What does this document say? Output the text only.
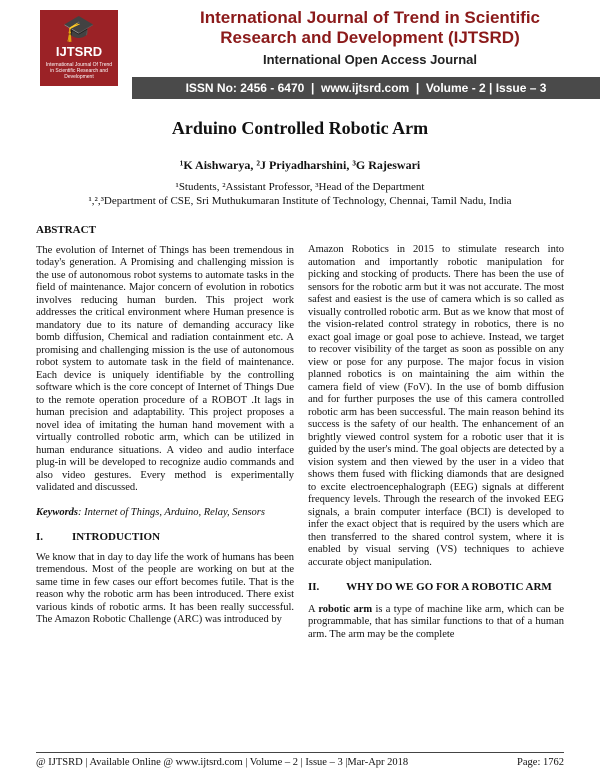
🎓
IJTSRD
International Journal Of Trend in Scientific Research and Development
International Journal of Trend in Scientific Research and Development (IJTSRD)
International Open Access Journal
ISSN No: 2456 - 6470  |  www.ijtsrd.com  |  Volume - 2 | Issue – 3
Arduino Controlled Robotic Arm
¹K Aishwarya, ²J Priyadharshini, ³G Rajeswari
¹Students, ²Assistant Professor, ³Head of the Department
¹,²,³Department of CSE, Sri Muthukumaran Institute of Technology, Chennai, Tamil Nadu, India

ABSTRACT

The evolution of Internet of Things has been tremendous in today's generation. A Promising and challenging mission is the use of autonomous robot systems to automate tasks in the field of maintenance. Major concern of evolution in robotics involves reducing human burden. This project work addresses the critical environment where Human presence is mandatory due to its nature of demanding accuracy like bomb diffusion, Chemical and radiation containment etc. A promising and challenging mission is the use of autonomous robot system to automate task in the field of maintenance. Each device is uniquely identifiable by the controlling software which is the core concept of Internet of Things Due to the remote operation procedure of a ROBOT .It lags in human precision and adaptability. This project proposes a novel idea of imitating the human hand movement with a virtually controlled robotic arm, which can be utilized in human endurance situations. A video and audio interface plug-in will be developed to recognize audio commands and also video gestures. Every method is experimentally validated and discussed.

Keywords: Internet of Things, Arduino, Relay, Sensors

I.	INTRODUCTION

We know that in day to day life the work of humans has been tremendous. Most of the people are working on but at the same time in few cases our effort becomes futile. That is the reason why the robotic arm has been introduced. There exist various kinds of robotic arms. It has been really successful. The Amazon Robotic Challenge (ARC) was introduced by

Amazon Robotics in 2015 to stimulate research into automation and importantly robotic manipulation for picking and stocking of products. There has been the use of sensors for the robotic arm but it was not accurate. The most safest and easiest is the use of camera which is so called as visually controlled robotic arm. But as we know that most of the vision-related control strategy in robotics, there is no exact goal image or goal pose to achieve. Instead, we target to recover visibility of the target as soon as possible on any view or pose for any purpose. The major focus in vision planned robotics is on maintaining the aim within the camera field of view (FoV). In the use of bomb diffusion and for further purposes the use of this camera controlled robotic arm has been successful. The main reason behind its success is the safety of our health. The enhancement of an brightly viewed control system for a robotic user that it is guided by the user's mind. The goal objects are detected by a vision system and then viewed by the user in a video that shows them fused with flicking diamonds that are designed to excite electroencephalograph (EEG) signals at different frequency levels. Through the research of the invoked EEG signals, a brain computer interface (BCI) is developed to infer the exact object that is required by the users which are then transferred to the shared control system, where it is enabled by visual serving (VS) techniques to achieve accurate object manipulation.

II.	WHY DO WE GO FOR A ROBOTIC ARM

A robotic arm is a type of machine like arm, which can be programmable, that has similar functions to that of a human arm. The arm may be the complete

@ IJTSRD | Available Online @ www.ijtsrd.com | Volume – 2 | Issue – 3 |Mar-Apr 2018	Page: 1762
